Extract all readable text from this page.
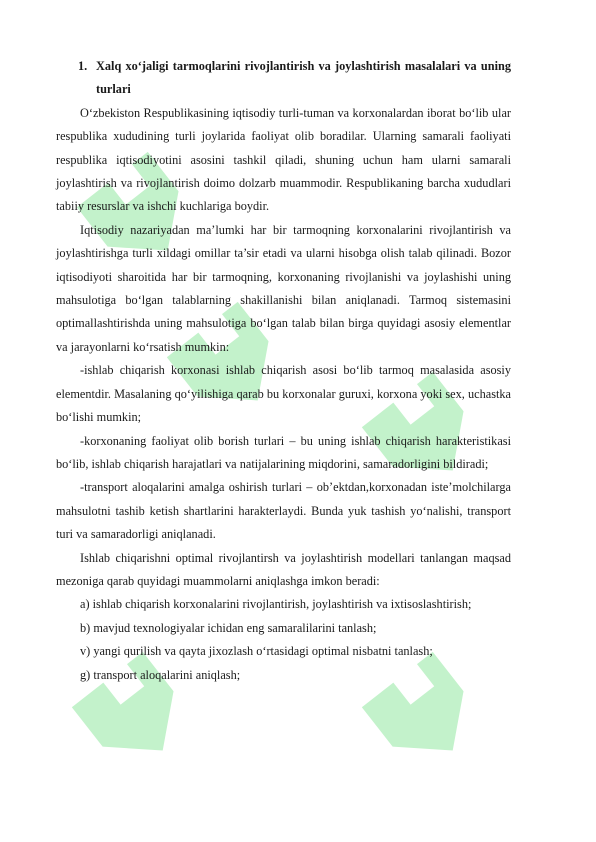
1. Xalq xo‘jaligi tarmoqlarini rivojlantirish va joylashtirish masalalari va uning turlari

O‘zbekiston Respublikasining iqtisodiy turli-tuman va korxonalardan iborat bo‘lib ular respublika xududining turli joylarida faoliyat olib boradilar. Ularning samarali faoliyati respublika iqtisodiyotini asosini tashkil qiladi, shuning uchun ham ularni samarali joylashtirish va rivojlantirish doimo dolzarb muammodir. Respublikaning barcha xududlari tabiiy resurslar va ishchi kuchlariga boydir.

Iqtisodiy nazariyadan ma’lumki har bir tarmoqning korxonalarini rivojlantirish va joylashtirishga turli xildagi omillar ta’sir etadi va ularni hisobga olish talab qilinadi. Bozor iqtisodiyoti sharoitida har bir tarmoqning, korxonaning rivojlanishi va joylashishi uning mahsulotiga bo‘lgan talablarning shakillanishi bilan aniqlanadi. Tarmoq sistemasini optimallashtirishda uning mahsulotiga bo‘lgan talab bilan birga quyidagi asosiy elementlar va jarayonlarni ko‘rsatish mumkin:

-ishlab chiqarish korxonasi ishlab chiqarish asosi bo‘lib tarmoq masalasida asosiy elementdir. Masalaning qo‘yilishiga qarab bu korxonalar guruxi, korxona yoki sex, uchastka bo‘lishi mumkin;

-korxonaning faoliyat olib borish turlari – bu uning ishlab chiqarish harakteristikasi bo‘lib, ishlab chiqarish harajatlari va natijalarining miqdorini, samaradorligini bildiradi;

-transport aloqalarini amalga oshirish turlari – ob’ektdan,korxonadan iste’molchilarga mahsulotni tashib ketish shartlarini harakterlaydi. Bunda yuk tashish yo‘nalishi, transport turi va samaradorligi aniqlanadi.

Ishlab chiqarishni optimal rivojlantirsh va joylashtirish modellari tanlangan maqsad mezoniga qarab quyidagi muammolarni aniqlashga imkon beradi:

a) ishlab chiqarish korxonalarini rivojlantirish, joylashtirish va ixtisoslashtirish;

b) mavjud texnologiyalar ichidan eng samaralilarini tanlash;

v) yangi qurilish va qayta jixozlash o‘rtasidagi optimal nisbatni tanlash;

g) transport aloqalarini aniqlash;
